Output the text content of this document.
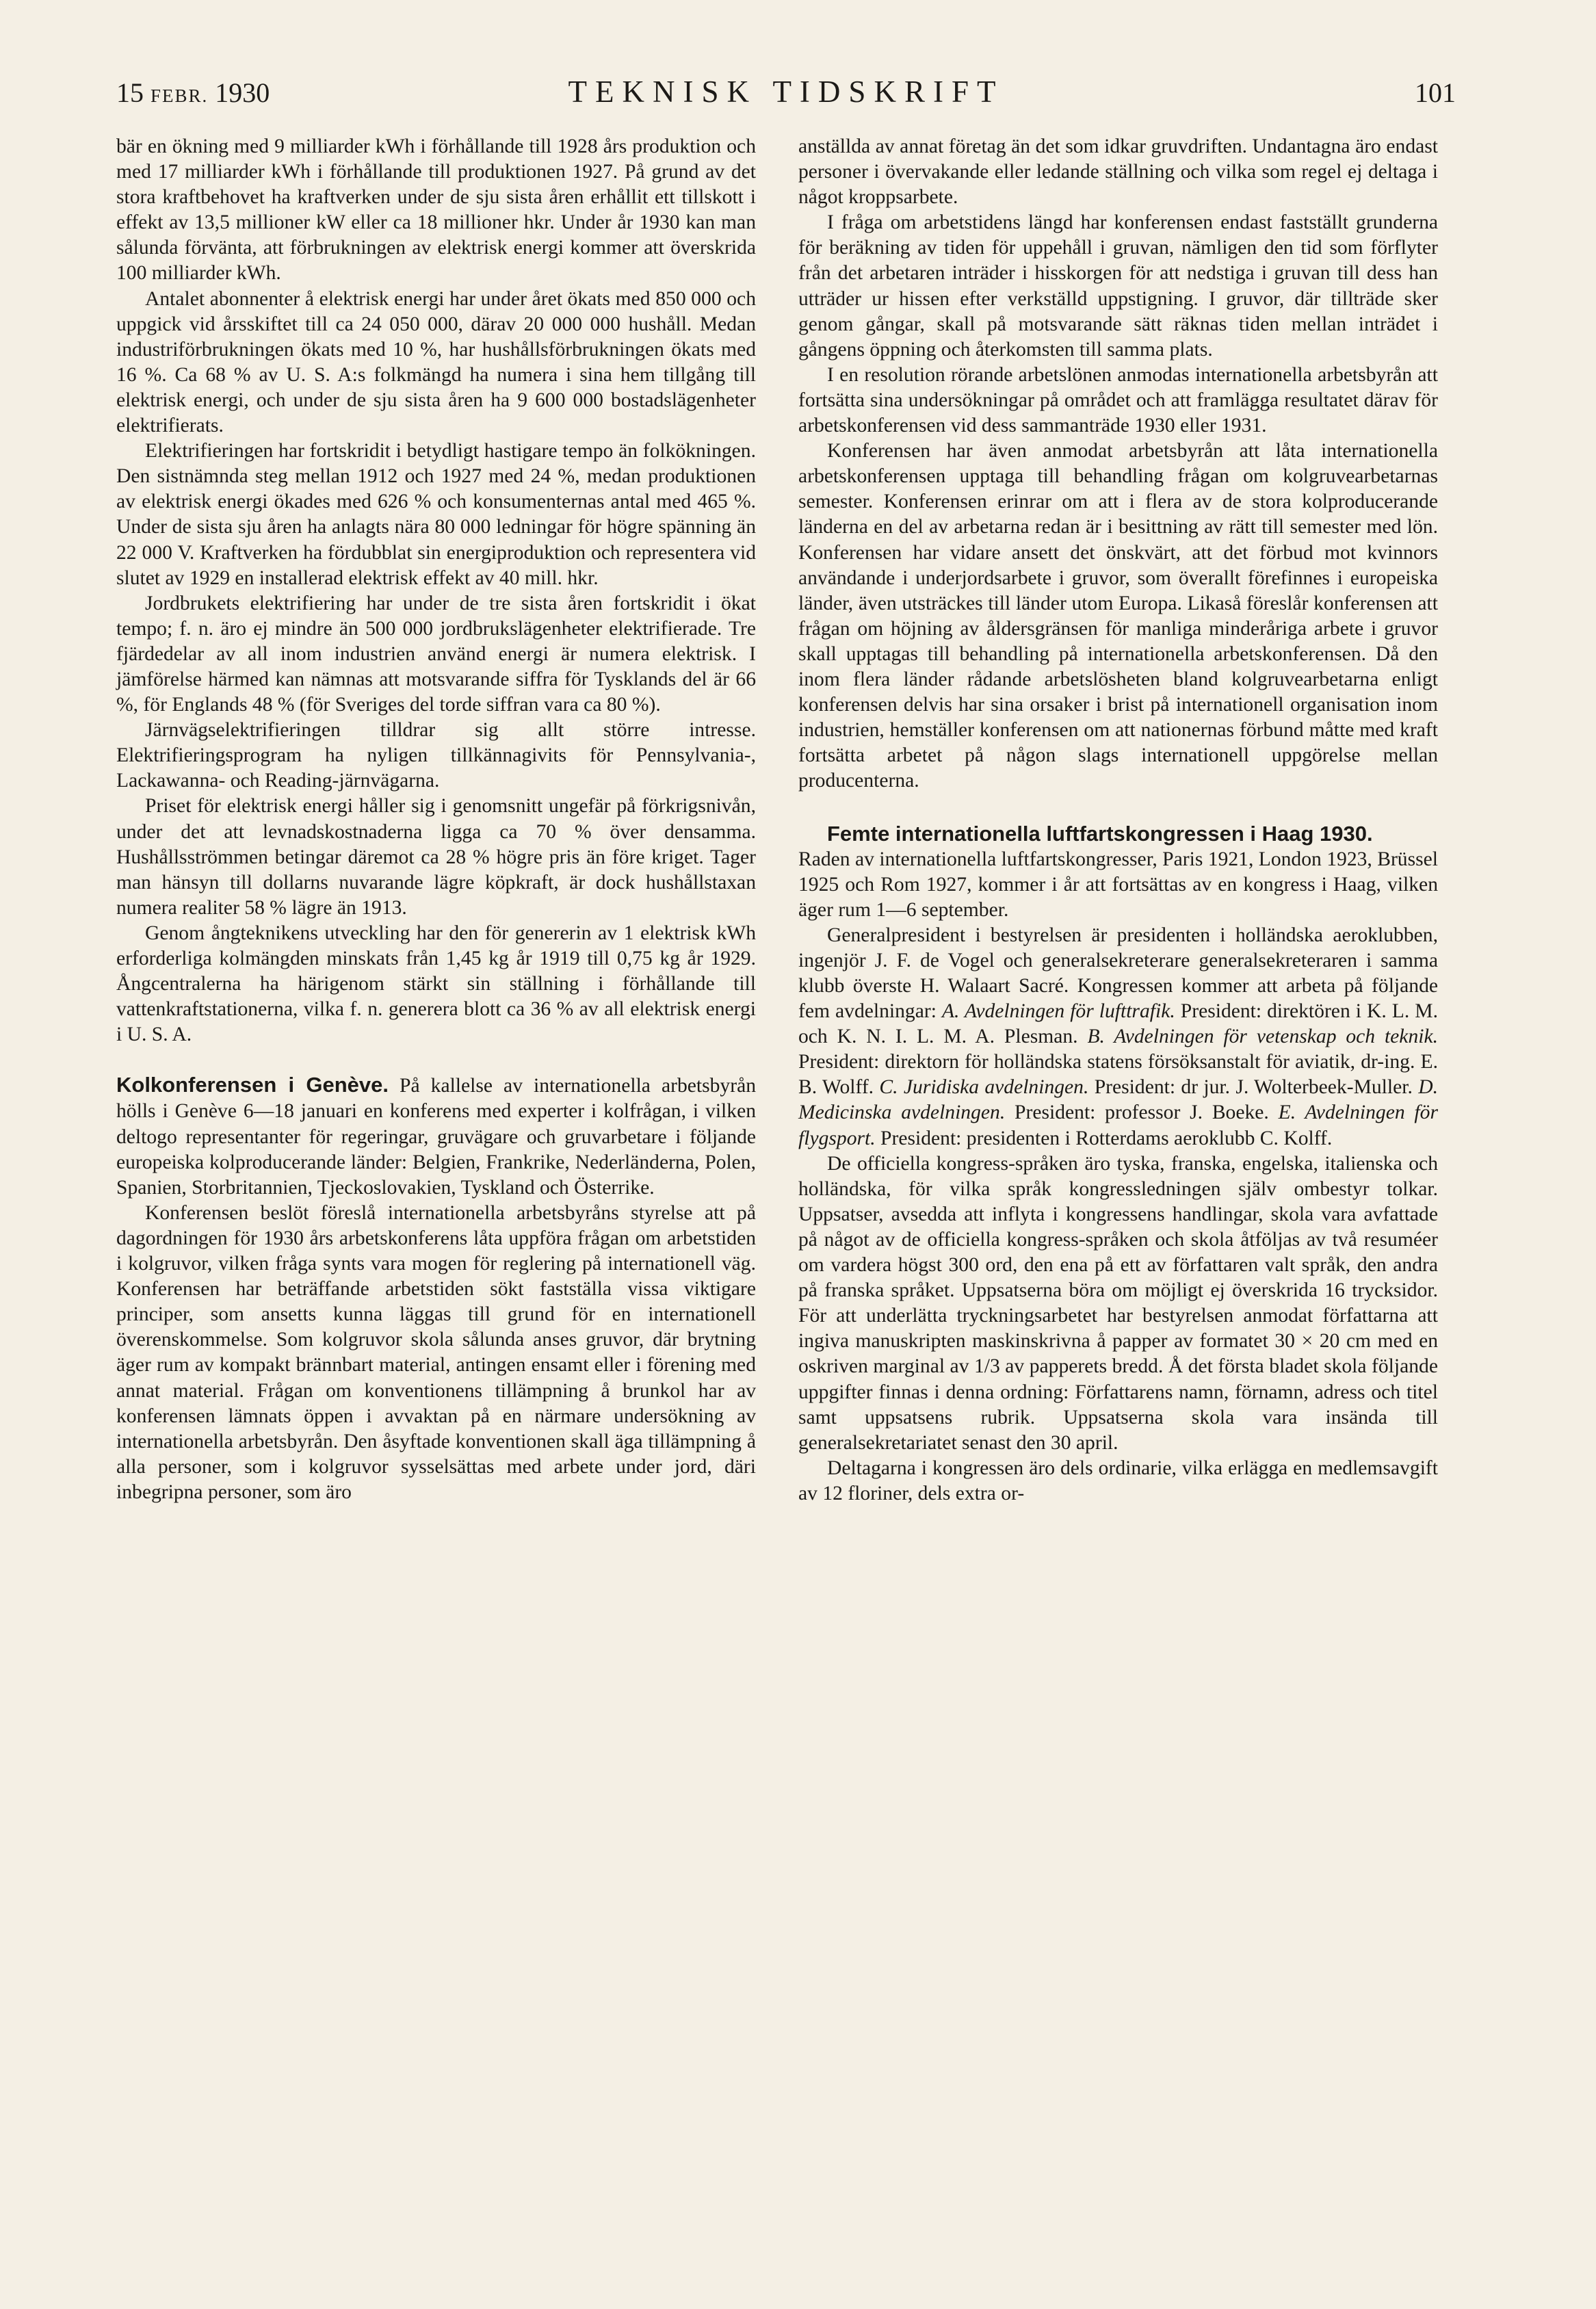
15 FEBR. 1930	TEKNISK TIDSKRIFT	101

bär en ökning med 9 milliarder kWh i förhållande till 1928 års produktion och med 17 milliarder kWh i förhållande till produktionen 1927. På grund av det stora kraftbehovet ha kraftverken under de sju sista åren erhållit ett tillskott i effekt av 13,5 millioner kW eller ca 18 millioner hkr. Under år 1930 kan man sålunda förvänta, att förbrukningen av elektrisk energi kommer att överskrida 100 milliarder kWh.

Antalet abonnenter å elektrisk energi har under året ökats med 850 000 och uppgick vid årsskiftet till ca 24 050 000, därav 20 000 000 hushåll. Medan industriförbrukningen ökats med 10 %, har hushållsförbrukningen ökats med 16 %. Ca 68 % av U. S. A:s folkmängd ha numera i sina hem tillgång till elektrisk energi, och under de sju sista åren ha 9 600 000 bostadslägenheter elektrifierats.

Elektrifieringen har fortskridit i betydligt hastigare tempo än folkökningen. Den sistnämnda steg mellan 1912 och 1927 med 24 %, medan produktionen av elektrisk energi ökades med 626 % och konsumenternas antal med 465 %. Under de sista sju åren ha anlagts nära 80 000 ledningar för högre spänning än 22 000 V. Kraftverken ha fördubblat sin energiproduktion och representera vid slutet av 1929 en installerad elektrisk effekt av 40 mill. hkr.

Jordbrukets elektrifiering har under de tre sista åren fortskridit i ökat tempo; f. n. äro ej mindre än 500 000 jordbrukslägenheter elektrifierade. Tre fjärdedelar av all inom industrien använd energi är numera elektrisk. I jämförelse härmed kan nämnas att motsvarande siffra för Tysklands del är 66 %, för Englands 48 % (för Sveriges del torde siffran vara ca 80 %).

Järnvägselektrifieringen tilldrar sig allt större intresse. Elektrifieringsprogram ha nyligen tillkännagivits för Pennsylvania-, Lackawanna- och Reading-järnvägarna.

Priset för elektrisk energi håller sig i genomsnitt ungefär på förkrigsnivån, under det att levnadskostnaderna ligga ca 70 % över densamma. Hushållsströmmen betingar däremot ca 28 % högre pris än före kriget. Tager man hänsyn till dollarns nuvarande lägre köpkraft, är dock hushållstaxan numera realiter 58 % lägre än 1913.

Genom ångteknikens utveckling har den för genererin av 1 elektrisk kWh erforderliga kolmängden minskats från 1,45 kg år 1919 till 0,75 kg år 1929. Ångcentralerna ha härigenom stärkt sin ställning i förhållande till vattenkraftstationerna, vilka f. n. generera blott ca 36 % av all elektrisk energi i U. S. A.

Kolkonferensen i Genève. På kallelse av internationella arbetsbyrån hölls i Genève 6—18 januari en konferens med experter i kolfrågan, i vilken deltogo representanter för regeringar, gruvägare och gruvarbetare i följande europeiska kolproducerande länder: Belgien, Frankrike, Nederländerna, Polen, Spanien, Storbritannien, Tjeckoslovakien, Tyskland och Österrike.

Konferensen beslöt föreslå internationella arbetsbyråns styrelse att på dagordningen för 1930 års arbetskonferens låta uppföra frågan om arbetstiden i kolgruvor, vilken fråga synts vara mogen för reglering på internationell väg. Konferensen har beträffande arbetstiden sökt fastställa vissa viktigare principer, som ansetts kunna läggas till grund för en internationell överenskommelse. Som kolgruvor skola sålunda anses gruvor, där brytning äger rum av kompakt brännbart material, antingen ensamt eller i förening med annat material. Frågan om konventionens tillämpning å brunkol har av konferensen lämnats öppen i avvaktan på en närmare undersökning av internationella arbetsbyrån. Den åsyftade konventionen skall äga tillämpning å alla personer, som i kolgruvor sysselsättas med arbete under jord, däri inbegripna personer, som äro

anställda av annat företag än det som idkar gruvdriften. Undantagna äro endast personer i övervakande eller ledande ställning och vilka som regel ej deltaga i något kroppsarbete.

I fråga om arbetstidens längd har konferensen endast fastställt grunderna för beräkning av tiden för uppehåll i gruvan, nämligen den tid som förflyter från det arbetaren inträder i hisskorgen för att nedstiga i gruvan till dess han utträder ur hissen efter verkställd uppstigning. I gruvor, där tillträde sker genom gångar, skall på motsvarande sätt räknas tiden mellan inträdet i gångens öppning och återkomsten till samma plats.

I en resolution rörande arbetslönen anmodas internationella arbetsbyrån att fortsätta sina undersökningar på området och att framlägga resultatet därav för arbetskonferensen vid dess sammanträde 1930 eller 1931.

Konferensen har även anmodat arbetsbyrån att låta internationella arbetskonferensen upptaga till behandling frågan om kolgruvearbetarnas semester. Konferensen erinrar om att i flera av de stora kolproducerande länderna en del av arbetarna redan är i besittning av rätt till semester med lön. Konferensen har vidare ansett det önskvärt, att det förbud mot kvinnors användande i underjordsarbete i gruvor, som överallt förefinnes i europeiska länder, även utsträckes till länder utom Europa. Likaså föreslår konferensen att frågan om höjning av åldersgränsen för manliga minderåriga arbete i gruvor skall upptagas till behandling på internationella arbetskonferensen. Då den inom flera länder rådande arbetslösheten bland kolgruvearbetarna enligt konferensen delvis har sina orsaker i brist på internationell organisation inom industrien, hemställer konferensen om att nationernas förbund måtte med kraft fortsätta arbetet på någon slags internationell uppgörelse mellan producenterna.

Femte internationella luftfartskongressen i Haag 1930.

Raden av internationella luftfartskongresser, Paris 1921, London 1923, Brüssel 1925 och Rom 1927, kommer i år att fortsättas av en kongress i Haag, vilken äger rum 1—6 september.

Generalpresident i bestyrelsen är presidenten i holländska aeroklubben, ingenjör J. F. de Vogel och generalsekreterare generalsekreteraren i samma klubb överste H. Walaart Sacré. Kongressen kommer att arbeta på följande fem avdelningar: A. Avdelningen för lufttrafik. President: direktören i K. L. M. och K. N. I. L. M. A. Plesman. B. Avdelningen för vetenskap och teknik. President: direktorn för holländska statens försöksanstalt för aviatik, dr-ing. E. B. Wolff. C. Juridiska avdelningen. President: dr jur. J. Wolterbeek-Muller. D. Medicinska avdelningen. President: professor J. Boeke. E. Avdelningen för flygsport. President: presidenten i Rotterdams aeroklubb C. Kolff.

De officiella kongress-språken äro tyska, franska, engelska, italienska och holländska, för vilka språk kongressledningen själv ombestyr tolkar. Uppsatser, avsedda att inflyta i kongressens handlingar, skola vara avfattade på något av de officiella kongress-språken och skola åtföljas av två resuméer om vardera högst 300 ord, den ena på ett av författaren valt språk, den andra på franska språket. Uppsatserna böra om möjligt ej överskrida 16 trycksidor. För att underlätta tryckningsarbetet har bestyrelsen anmodat författarna att ingiva manuskripten maskinskrivna å papper av formatet 30 × 20 cm med en oskriven marginal av 1/3 av papperets bredd. Å det första bladet skola följande uppgifter finnas i denna ordning: Författarens namn, förnamn, adress och titel samt uppsatsens rubrik. Uppsatserna skola vara insända till generalsekretariatet senast den 30 april.

Deltagarna i kongressen äro dels ordinarie, vilka erlägga en medlemsavgift av 12 floriner, dels extra or-
